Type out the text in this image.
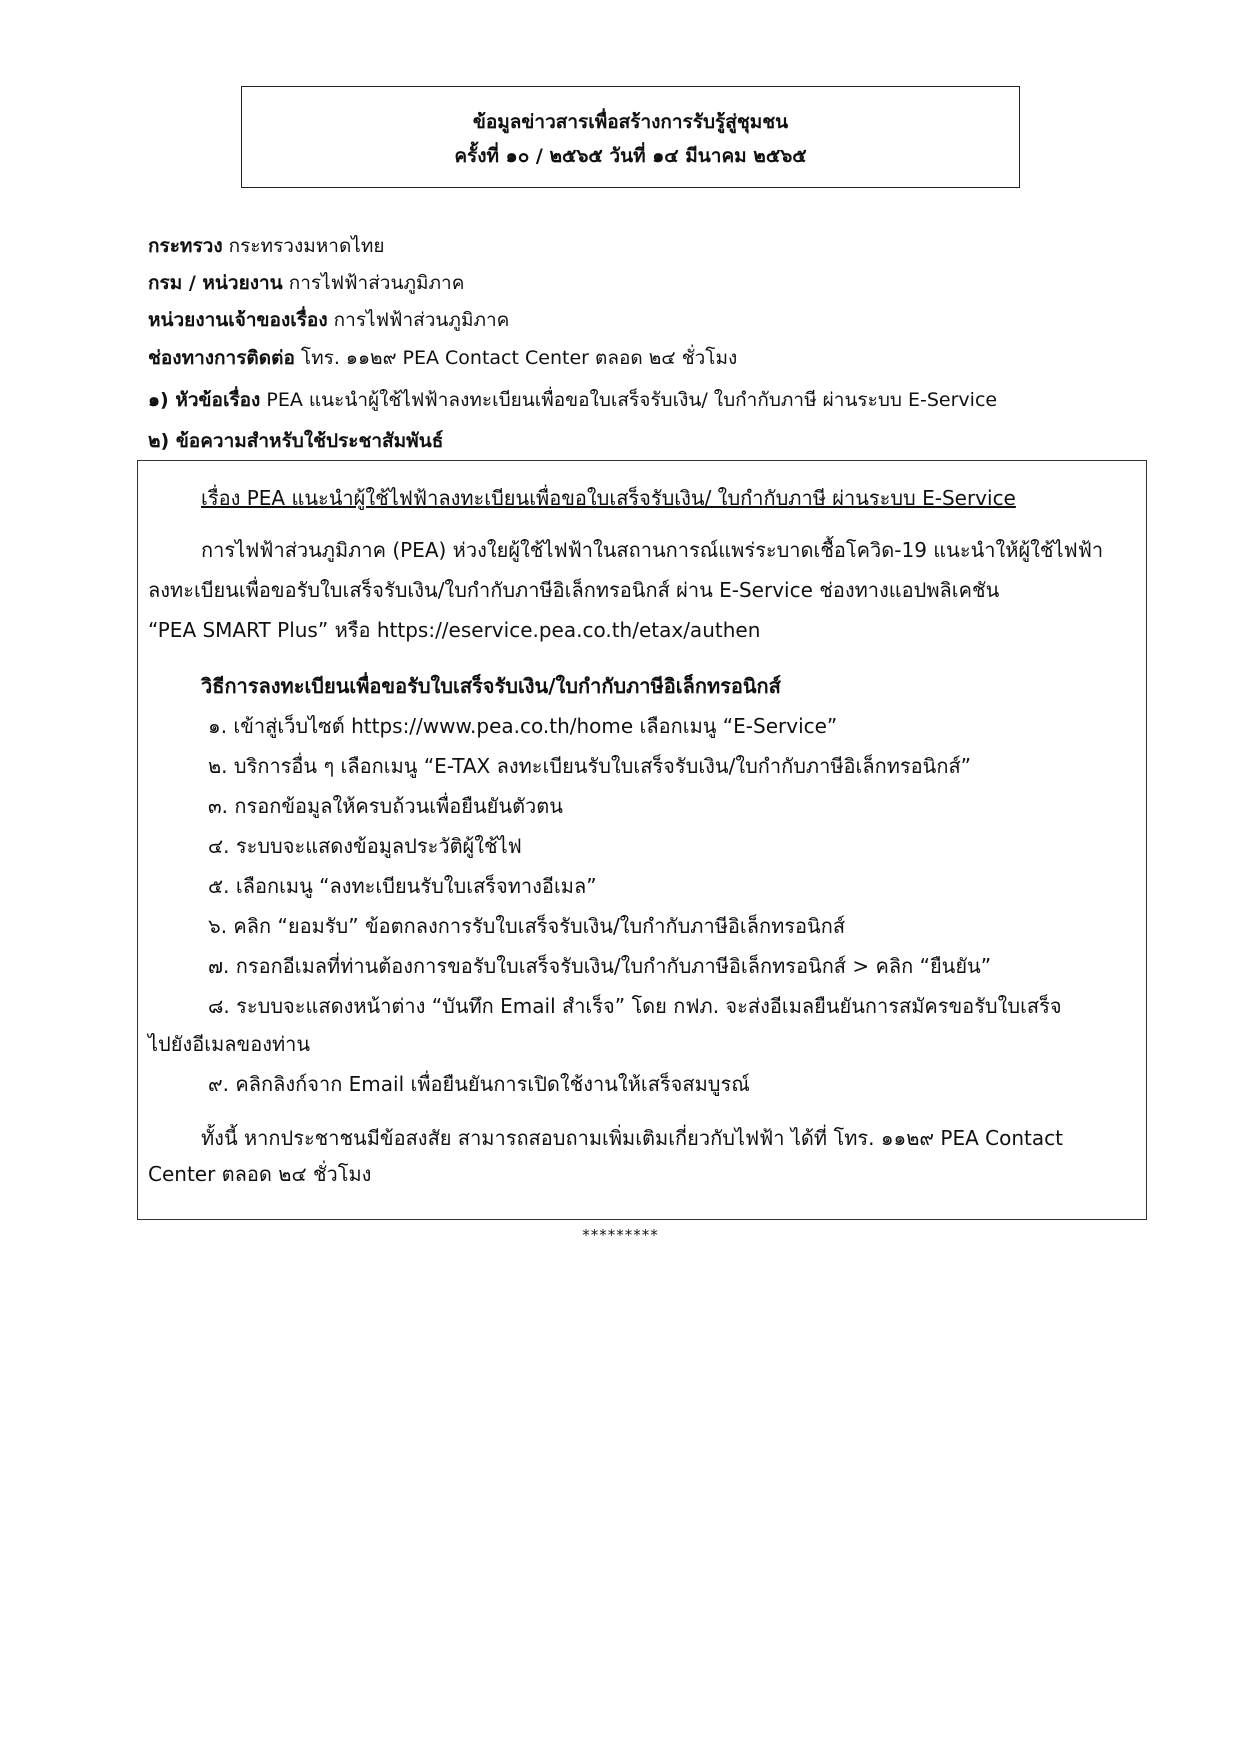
ข้อมูลข่าวสารเพื่อสร้างการรับรู้สู่ชุมชน
ครั้งที่ ๑๐ / ๒๕๖๕ วันที่ ๑๔ มีนาคม ๒๕๖๕
กระทรวง กระทรวงมหาดไทย
กรม / หน่วยงาน การไฟฟ้าส่วนภูมิภาค
หน่วยงานเจ้าของเรื่อง การไฟฟ้าส่วนภูมิภาค
ช่องทางการติดต่อ โทร. ๑๑๒๙ PEA Contact Center ตลอด ๒๔ ชั่วโมง
๑) หัวข้อเรื่อง PEA แนะนำผู้ใช้ไฟฟ้าลงทะเบียนเพื่อขอใบเสร็จรับเงิน/ ใบกำกับภาษี ผ่านระบบ E-Service
๒) ข้อความสำหรับใช้ประชาสัมพันธ์
เรื่อง PEA แนะนำผู้ใช้ไฟฟ้าลงทะเบียนเพื่อขอใบเสร็จรับเงิน/ ใบกำกับภาษี ผ่านระบบ E-Service
การไฟฟ้าส่วนภูมิภาค (PEA) ห่วงใยผู้ใช้ไฟฟ้าในสถานการณ์แพร่ระบาดเชื้อโควิด-19 แนะนำให้ผู้ใช้ไฟฟ้า
ลงทะเบียนเพื่อขอรับใบเสร็จรับเงิน/ใบกำกับภาษีอิเล็กทรอนิกส์ ผ่าน E-Service ช่องทางแอปพลิเคชัน
“PEA SMART Plus” หรือ https://eservice.pea.co.th/etax/authen
วิธีการลงทะเบียนเพื่อขอรับใบเสร็จรับเงิน/ใบกำกับภาษีอิเล็กทรอนิกส์
๑. เข้าสู่เว็บไซต์ https://www.pea.co.th/home เลือกเมนู “E-Service”
๒. บริการอื่น ๆ เลือกเมนู “E-TAX ลงทะเบียนรับใบเสร็จรับเงิน/ใบกำกับภาษีอิเล็กทรอนิกส์”
๓. กรอกข้อมูลให้ครบถ้วนเพื่อยืนยันตัวตน
๔. ระบบจะแสดงข้อมูลประวัติผู้ใช้ไฟ
๕. เลือกเมนู “ลงทะเบียนรับใบเสร็จทางอีเมล”
๖. คลิก “ยอมรับ” ข้อตกลงการรับใบเสร็จรับเงิน/ใบกำกับภาษีอิเล็กทรอนิกส์
๗. กรอกอีเมลที่ท่านต้องการขอรับใบเสร็จรับเงิน/ใบกำกับภาษีอิเล็กทรอนิกส์ > คลิก “ยืนยัน”
๘. ระบบจะแสดงหน้าต่าง “บันทึก Email สำเร็จ” โดย กฟภ. จะส่งอีเมลยืนยันการสมัครขอรับใบเสร็จ
ไปยังอีเมลของท่าน
๙. คลิกลิงก์จาก Email เพื่อยืนยันการเปิดใช้งานให้เสร็จสมบูรณ์
ทั้งนี้ หากประชาชนมีข้อสงสัย สามารถสอบถามเพิ่มเติมเกี่ยวกับไฟฟ้า ได้ที่ โทร. ๑๑๒๙ PEA Contact
Center ตลอด ๒๔ ชั่วโมง
*********
